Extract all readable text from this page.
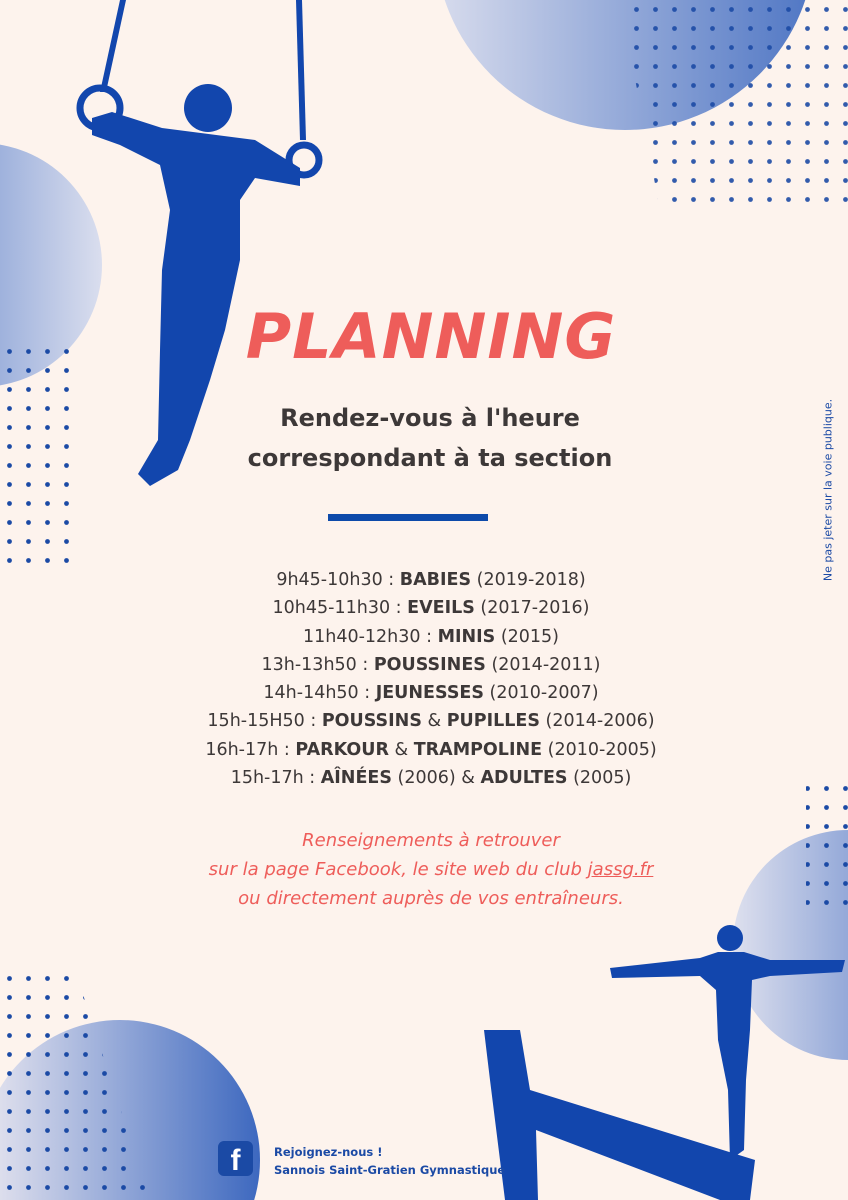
PLANNING
Rendez-vous à l'heure
correspondant à ta section
9h45-10h30 : BABIES (2019-2018)
10h45-11h30 : EVEILS (2017-2016)
11h40-12h30 : MINIS (2015)
13h-13h50 : POUSSINES (2014-2011)
14h-14h50 : JEUNESSES (2010-2007)
15h-15H50 : POUSSINS & PUPILLES (2014-2006)
16h-17h : PARKOUR & TRAMPOLINE (2010-2005)
15h-17h : AÎNÉES (2006) & ADULTES (2005)
Renseignements à retrouver
sur la page Facebook, le site web du club jassg.fr
ou directement auprès de vos entraîneurs.
Ne pas jeter sur la voie publique.
f	Rejoignez-nous !
Sannois Saint-Gratien Gymnastique
